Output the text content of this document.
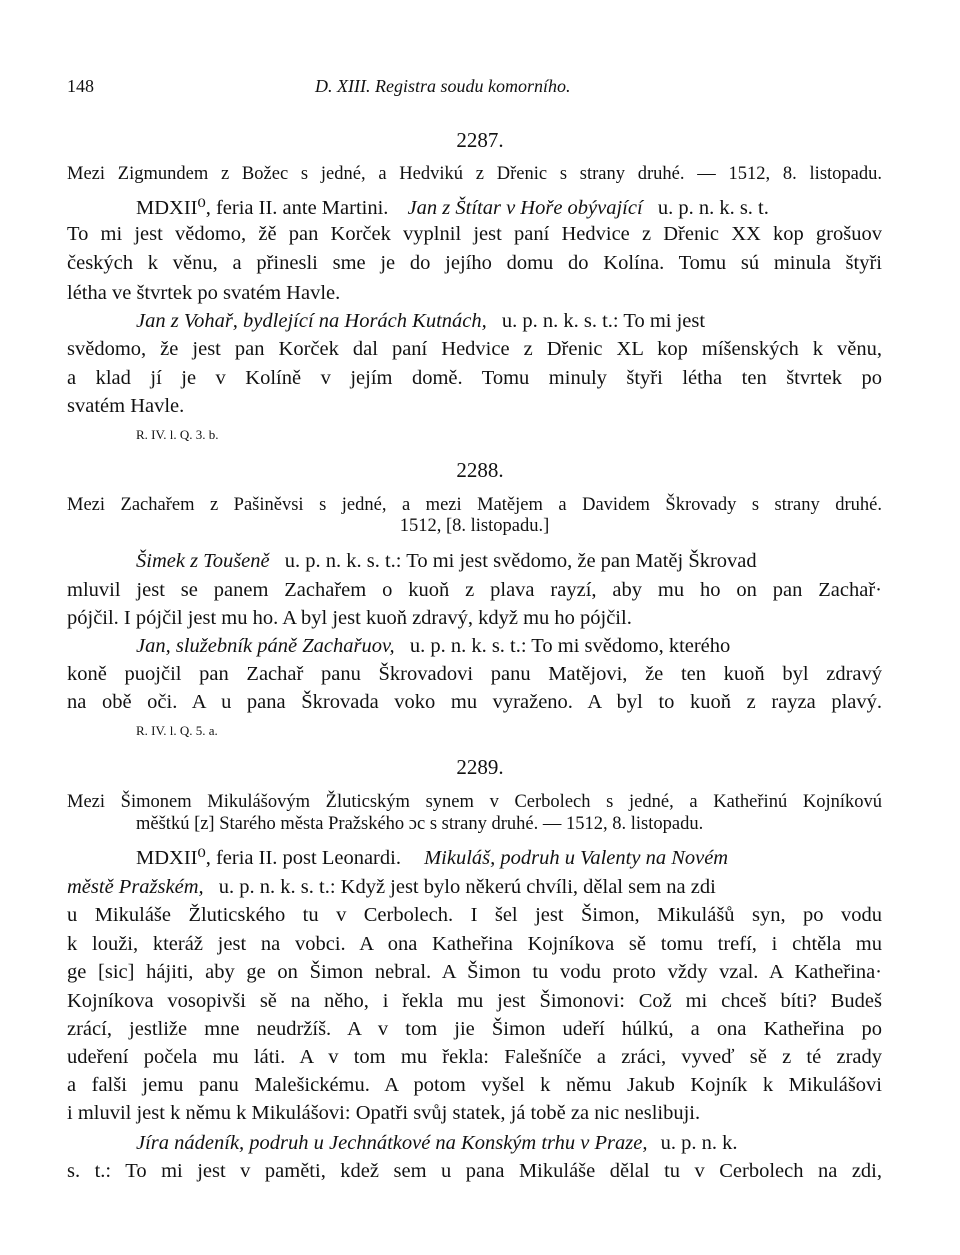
148	D. XIII. Registra soudu komorního.
2287.
Mezi Zigmundem z Božec s jedné, a Hedvikú z Dřenic s strany druhé. — 1512, 8. listopadu.
MDXII⁰, feria II. ante Martini. Jan z Štítar v Hoře obývající u. p. n. k. s. t.
To mi jest vědomo, žě pan Korček vyplnil jest paní Hedvice z Dřenic XX kop grošuov
českých k věnu, a přinesli sme je do jejího domu do Kolína. Tomu sú minula štyři
létha ve štvrtek po svatém Havle.
Jan z Vohař, bydlející na Horách Kutnách, u. p. n. k. s. t.: To mi jest
svědomo, že jest pan Korček dal paní Hedvice z Dřenic XL kop míšenských k věnu,
a klad jí je v Kolíně v jejím domě. Tomu minuly štyři létha ten štvrtek po
svatém Havle.
R. IV. l. Q. 3. b.
2288.
Mezi Zachařem z Pašiněvsi s jedné, a mezi Matějem a Davidem Škrovady s strany druhé.
1512, [8. listopadu.]
Šimek z Toušeně u. p. n. k. s. t.: To mi jest svědomo, že pan Matěj Škrovad
mluvil jest se panem Zachařem o kuoň z plava rayzí, aby mu ho on pan Zachař·
pójčil. I pójčil jest mu ho. A byl jest kuoň zdravý, když mu ho pójčil.
Jan, služebník páně Zachařuov, u. p. n. k. s. t.: To mi svědomo, kterého
koně puojčil pan Zachař panu Škrovadovi panu Matějovi, že ten kuoň byl zdravý
na obě oči. A u pana Škrovada voko mu vyraženo. A byl to kuoň z rayza plavý.
R. IV. l. Q. 5. a.
2289.
Mezi Šimonem Mikulášovým Žluticským synem v Cerbolech s jedné, a Katheřinú Kojníkovú
měštkú [z] Starého města Pražského ɔc s strany druhé. — 1512, 8. listopadu.
MDXII⁰, feria II. post Leonardi. Mikuláš, podruh u Valenty na Novém
městě Pražském, u. p. n. k. s. t.: Když jest bylo někerú chvíli, dělal sem na zdi
u Mikuláše Žluticského tu v Cerbolech. I šel jest Šimon, Mikulášů syn, po vodu
k louži, kteráž jest na vobci. A ona Katheřina Kojníkova sě tomu trefí, i chtěla mu
ge [sic] hájiti, aby ge on Šimon nebral. A Šimon tu vodu proto vždy vzal. A Katheřina·
Kojníkova vosopivši sě na něho, i řekla mu jest Šimonovi: Což mi chceš bíti? Budeš
zrácí, jestliže mne neudržíš. A v tom jie Šimon udeří húlkú, a ona Katheřina po
udeření počela mu láti. A v tom mu řekla: Falešníče a zráci, vyveď sě z té zrady
a falši jemu panu Malešickému. A potom vyšel k němu Jakub Kojník k Mikulášovi
i mluvil jest k němu k Mikulášovi: Opatři svůj statek, já tobě za nic neslibuji.
Jíra nádeník, podruh u Jechnátkové na Konským trhu v Praze, u. p. n. k.
s. t.: To mi jest v paměti, kdež sem u pana Mikuláše dělal tu v Cerbolech na zdi,
